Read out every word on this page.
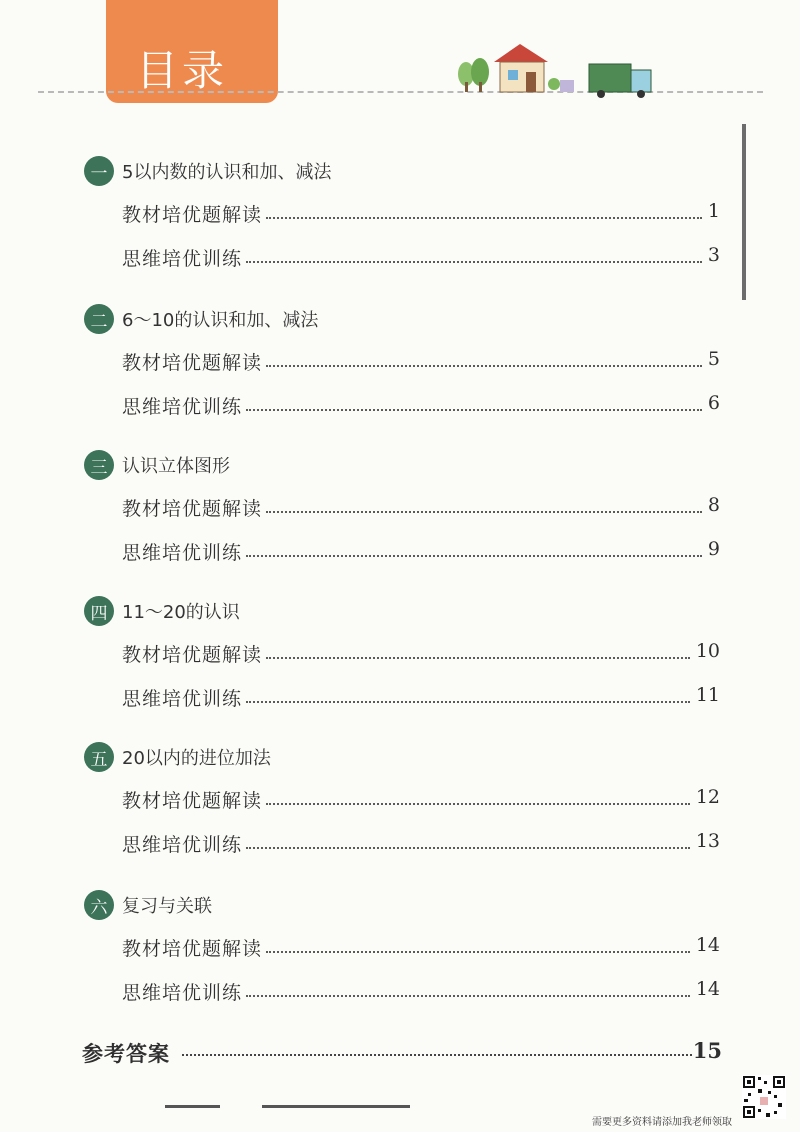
目录
一 5以内数的认识和加、减法
教材培优题解读	1
思维培优训练	3
二 6～10的认识和加、减法
教材培优题解读	5
思维培优训练	6
三 认识立体图形
教材培优题解读	8
思维培优训练	9
四 11～20的认识
教材培优题解读	10
思维培优训练	11
五 20以内的进位加法
教材培优题解读	12
思维培优训练	13
六 复习与关联
教材培优题解读	14
思维培优训练	14
参考答案	15
需要更多资料请添加我老师领取
